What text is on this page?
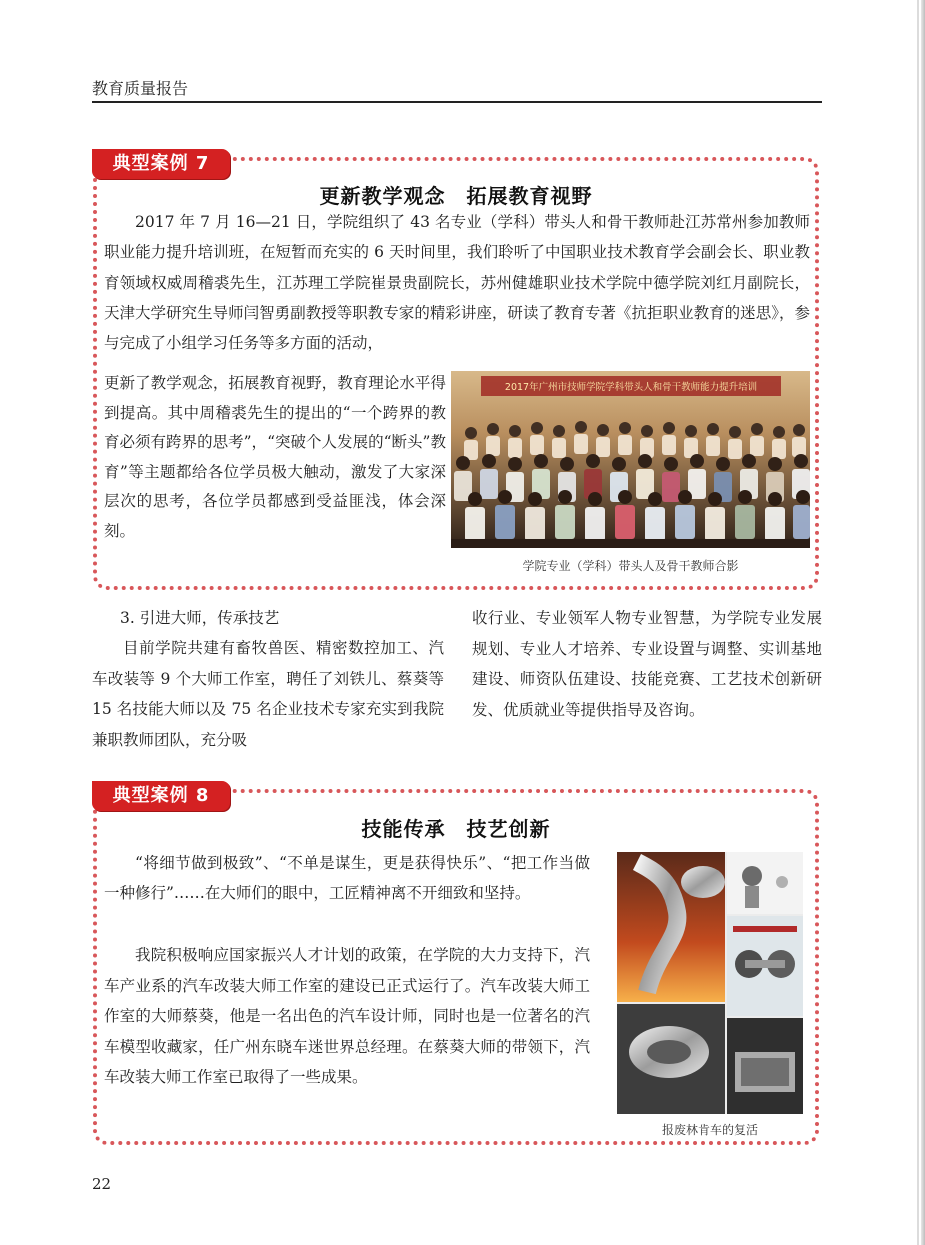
教育质量报告
典型案例 7
更新教学观念　拓展教育视野

2017 年 7 月 16—21 日，学院组织了 43 名专业（学科）带头人和骨干教师赴江苏常州参加教师职业能力提升培训班，在短暂而充实的 6 天时间里，我们聆听了中国职业技术教育学会副会长、职业教育领域权威周稽裘先生，江苏理工学院崔景贵副院长，苏州健雄职业技术学院中德学院刘红月副院长，天津大学研究生导师闫智勇副教授等职教专家的精彩讲座，研读了教育专著《抗拒职业教育的迷思》，参与完成了小组学习任务等多方面的活动，

更新了教学观念，拓展教育视野，教育理论水平得到提高。其中周稽裘先生的提出的“一个跨界的教育必须有跨界的思考”，“突破个人发展的“断头”教育”等主题都给各位学员极大触动，激发了大家深层次的思考，各位学员都感到受益匪浅，体会深刻。

2017年广州市技师学院学科带头人和骨干教师能力提升培训
学院专业（学科）带头人及骨干教师合影

3. 引进大师，传承技艺

目前学院共建有畜牧兽医、精密数控加工、汽车改装等 9 个大师工作室，聘任了刘铁儿、蔡葵等 15 名技能大师以及 75 名企业技术专家充实到我院兼职教师团队，充分吸

收行业、专业领军人物专业智慧，为学院专业发展规划、专业人才培养、专业设置与调整、实训基地建设、师资队伍建设、技能竞赛、工艺技术创新研发、优质就业等提供指导及咨询。

典型案例 8
技能传承　技艺创新

“将细节做到极致”、“不单是谋生，更是获得快乐”、“把工作当做一种修行”……在大师们的眼中，工匠精神离不开细致和坚持。

我院积极响应国家振兴人才计划的政策，在学院的大力支持下，汽车产业系的汽车改装大师工作室的建设已正式运行了。汽车改装大师工作室的大师蔡葵，他是一名出色的汽车设计师，同时也是一位著名的汽车模型收藏家，任广州东晓车迷世界总经理。在蔡葵大师的带领下，汽车改装大师工作室已取得了一些成果。

报废林肯车的复活
22
